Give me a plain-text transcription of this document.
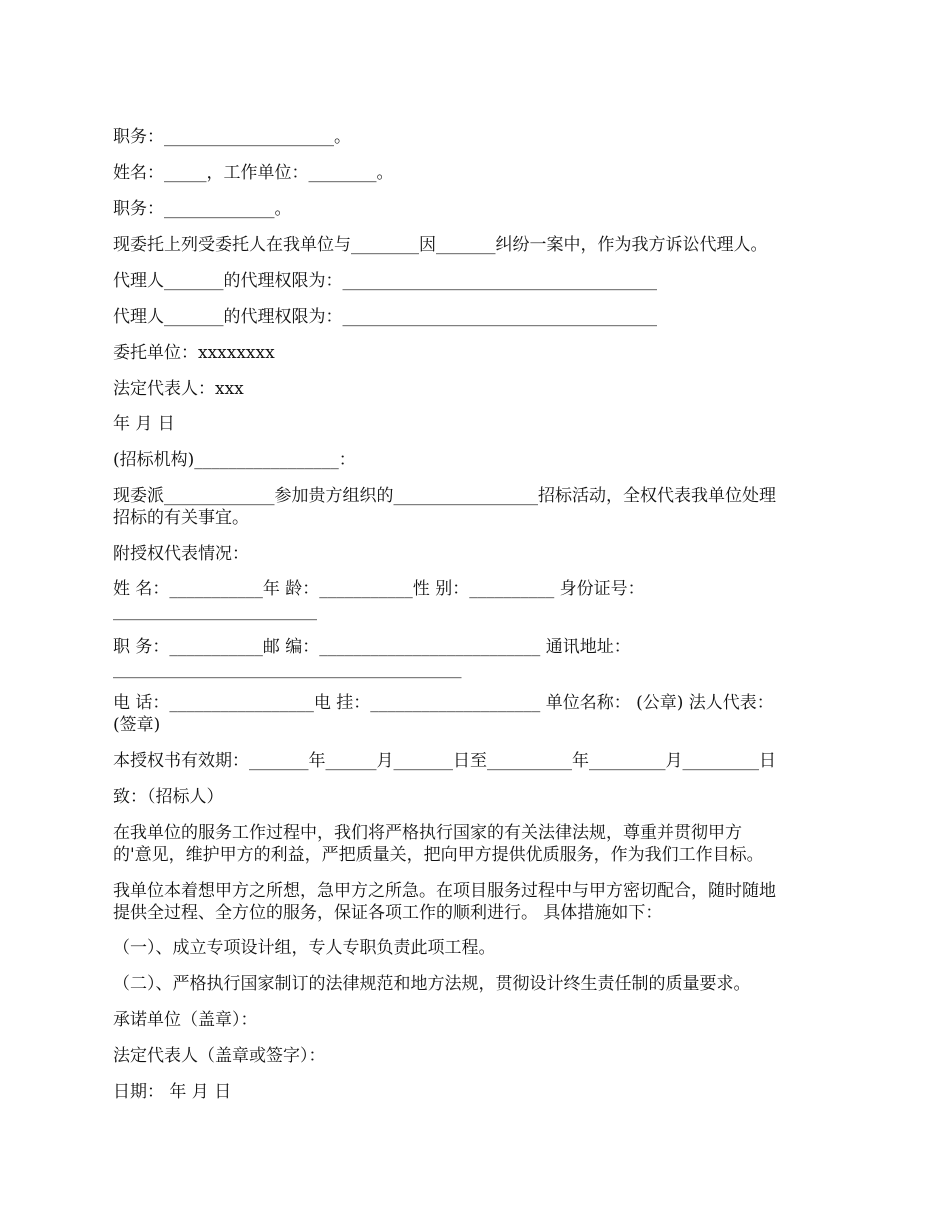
职务：____________________。
姓名：_____，工作单位：________。
职务：_____________。
现委托上列受委托人在我单位与________因_______纠纷一案中，作为我方诉讼代理人。
代理人_______的代理权限为：_____________________________________
代理人_______的代理权限为：_____________________________________
委托单位：xxxxxxxx
法定代表人：xxx
年 月 日
(招标机构)_________________：
现委派_____________参加贵方组织的_________________招标活动，全权代表我单位处理
招标的有关事宜。
附授权代表情况：
姓 名：___________年 龄：___________性 别：__________ 身份证号：
________________________
职 务：___________邮 编：__________________________ 通讯地址：
_________________________________________
电 话：_________________电 挂：____________________ 单位名称： (公章) 法人代表：
(签章)
本授权书有效期：_______年______月_______日至__________年_________月_________日
致：（招标人）
在我单位的服务工作过程中，我们将严格执行国家的有关法律法规，尊重并贯彻甲方
的'意见，维护甲方的利益，严把质量关，把向甲方提供优质服务，作为我们工作目标。
我单位本着想甲方之所想，急甲方之所急。在项目服务过程中与甲方密切配合，随时随地
提供全过程、全方位的服务，保证各项工作的顺利进行。 具体措施如下：
（一）、成立专项设计组，专人专职负责此项工程。
（二）、严格执行国家制订的法律规范和地方法规，贯彻设计终生责任制的质量要求。
承诺单位（盖章）：
法定代表人（盖章或签字）：
日期： 年 月 日
